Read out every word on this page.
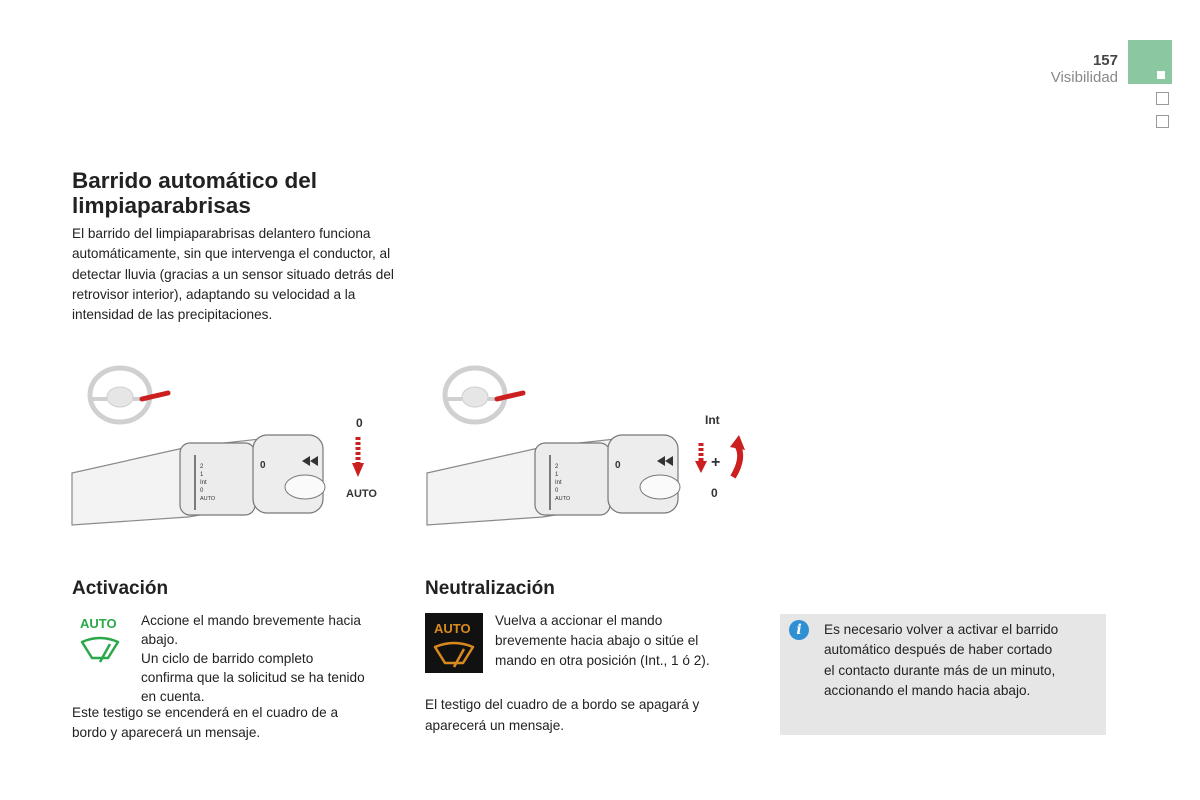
157
Visibilidad
Barrido automático del limpiaparabrisas
El barrido del limpiaparabrisas delantero funciona automáticamente, sin que intervenga el conductor, al detectar lluvia (gracias a un sensor situado detrás del retrovisor interior), adaptando su velocidad a la intensidad de las precipitaciones.
2
1
Int
0
AUTO
0
0
AUTO
2
1
Int
0
AUTO
0
Int
+
0
Activación
AUTO Accione el mando brevemente hacia
abajo.
Un ciclo de barrido completo
confirma que la solicitud se ha tenido
en cuenta.
Este testigo se encenderá en el cuadro de a
bordo y aparecerá un mensaje.
Neutralización
AUTO
Vuelva a accionar el mando
brevemente hacia abajo o sitúe el
mando en otra posición (Int., 1 ó 2).
El testigo del cuadro de a bordo se apagará y
aparecerá un mensaje.
i	Es necesario volver a activar el barrido
automático después de haber cortado
el contacto durante más de un minuto,
accionando el mando hacia abajo.
